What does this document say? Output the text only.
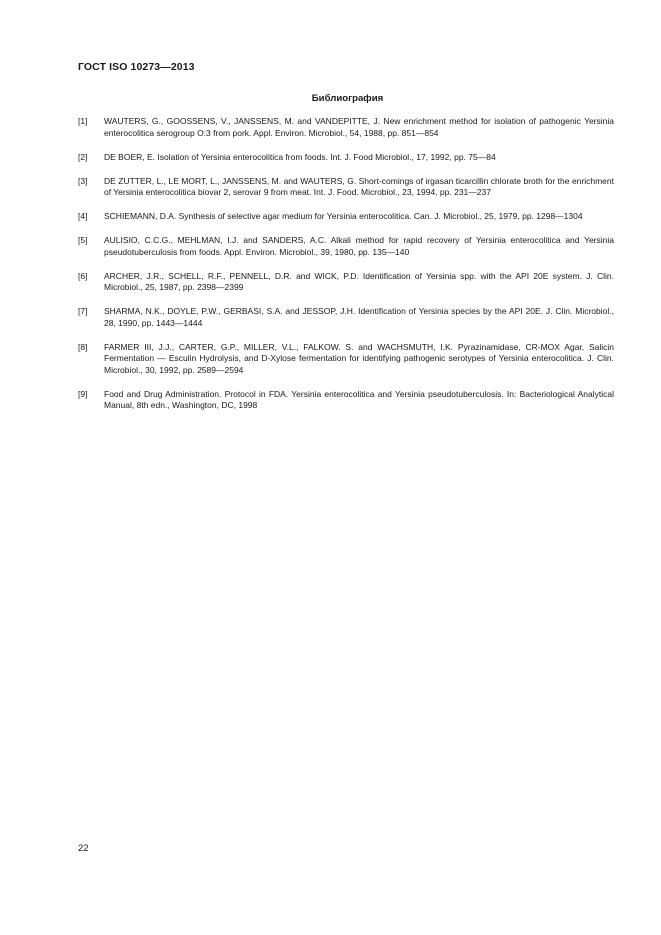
ГОСТ ISO 10273—2013
Библиография
[1]	WAUTERS, G., GOOSSENS, V., JANSSENS, M. and VANDEPITTE, J. New enrichment method for isolation of pathogenic Yersinia enterocolitica serogroup O:3 from pork. Appl. Environ. Microbiol., 54, 1988, pp. 851—854
[2]	DE BOER, E. Isolation of Yersinia enterocolitica from foods. Int. J. Food Microbiol., 17, 1992, pp. 75—84
[3]	DE ZUTTER, L., LE MORT, L., JANSSENS, M. and WAUTERS, G. Short-comings of irgasan ticarcillin chlorate broth for the enrichment of Yersinia enterocolitica biovar 2, serovar 9 from meat. Int. J. Food. Microbiol., 23, 1994, pp. 231—237
[4]	SCHIEMANN, D.A. Synthesis of selective agar medium for Yersinia enterocolitica. Can. J. Microbiol., 25, 1979, pp. 1298—1304
[5]	AULISIO, C.C.G., MEHLMAN, I.J. and SANDERS, A.C. Alkali method for rapid recovery of Yersinia enterocolitica and Yersinia pseudotuberculosis from foods. Appl. Environ. Microbiol., 39, 1980, pp. 135—140
[6]	ARCHER, J.R., SCHELL, R.F., PENNELL, D.R. and WICK, P.D. Identification of Yersinia spp. with the API 20E system. J. Clin. Microbiol., 25, 1987, pp. 2398—2399
[7]	SHARMA, N.K., DOYLE, P.W., GERBASI, S.A. and JESSOP, J.H. Identification of Yersinia species by the API 20E. J. Clin. Microbiol., 28, 1990, pp. 1443—1444
[8]	FARMER III, J.J., CARTER, G.P., MILLER, V.L., FALKOW. S. and WACHSMUTH, I.K. Pyrazinamidase, CR-MOX Agar, Salicin Fermentation — Esculin Hydrolysis, and D-Xylose fermentation for identifying pathogenic serotypes of Yersinia enterocolitica. J. Clin. Microbiol., 30, 1992, pp. 2589—2594
[9]	Food and Drug Administration. Protocol in FDA. Yersinia enterocolitica and Yersinia pseudotuberculosis. In: Bacteriological Analytical Manual, 8th edn., Washington, DC, 1998
22
